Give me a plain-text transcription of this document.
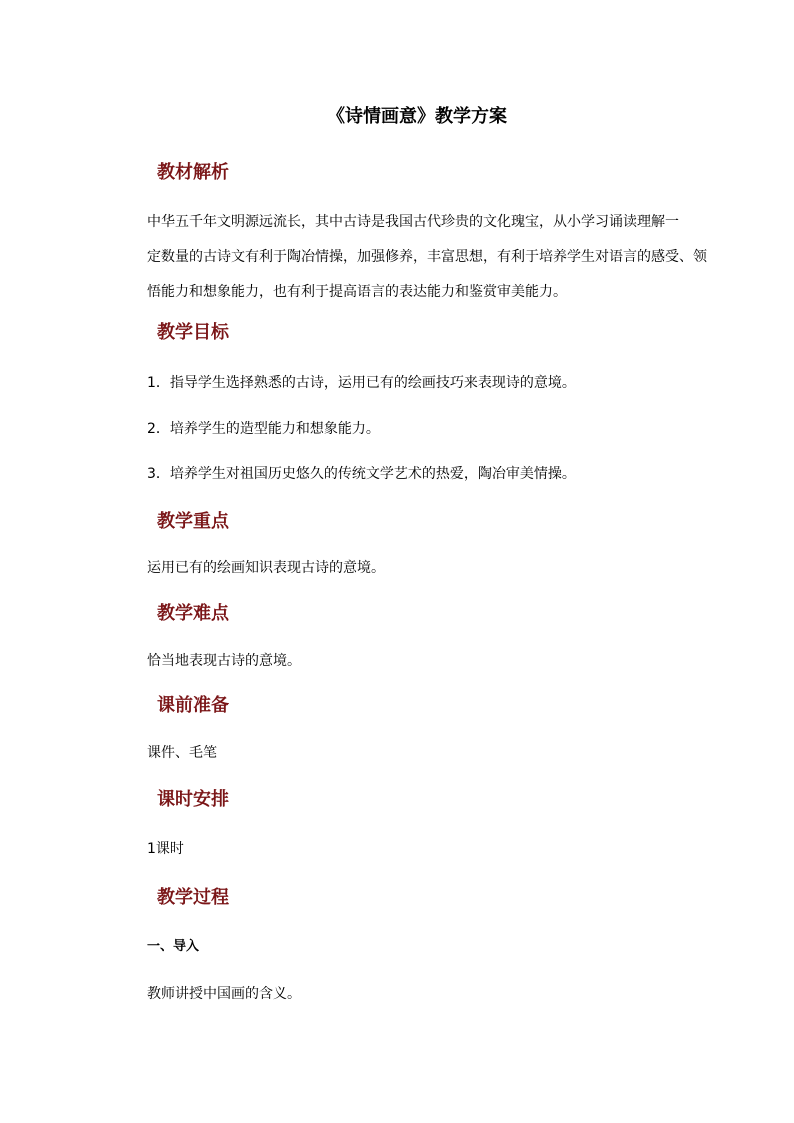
《诗情画意》教学方案
教材解析
中华五千年文明源远流长，其中古诗是我国古代珍贵的文化瑰宝，从小学习诵读理解一
定数量的古诗文有利于陶冶情操，加强修养，丰富思想，有利于培养学生对语言的感受、领
悟能力和想象能力，也有利于提高语言的表达能力和鉴赏审美能力。
教学目标
1．指导学生选择熟悉的古诗，运用已有的绘画技巧来表现诗的意境。
2．培养学生的造型能力和想象能力。
3．培养学生对祖国历史悠久的传统文学艺术的热爱，陶冶审美情操。
教学重点
运用已有的绘画知识表现古诗的意境。
教学难点
恰当地表现古诗的意境。
课前准备
课件、毛笔
课时安排
1课时
教学过程
一、导入
教师讲授中国画的含义。
